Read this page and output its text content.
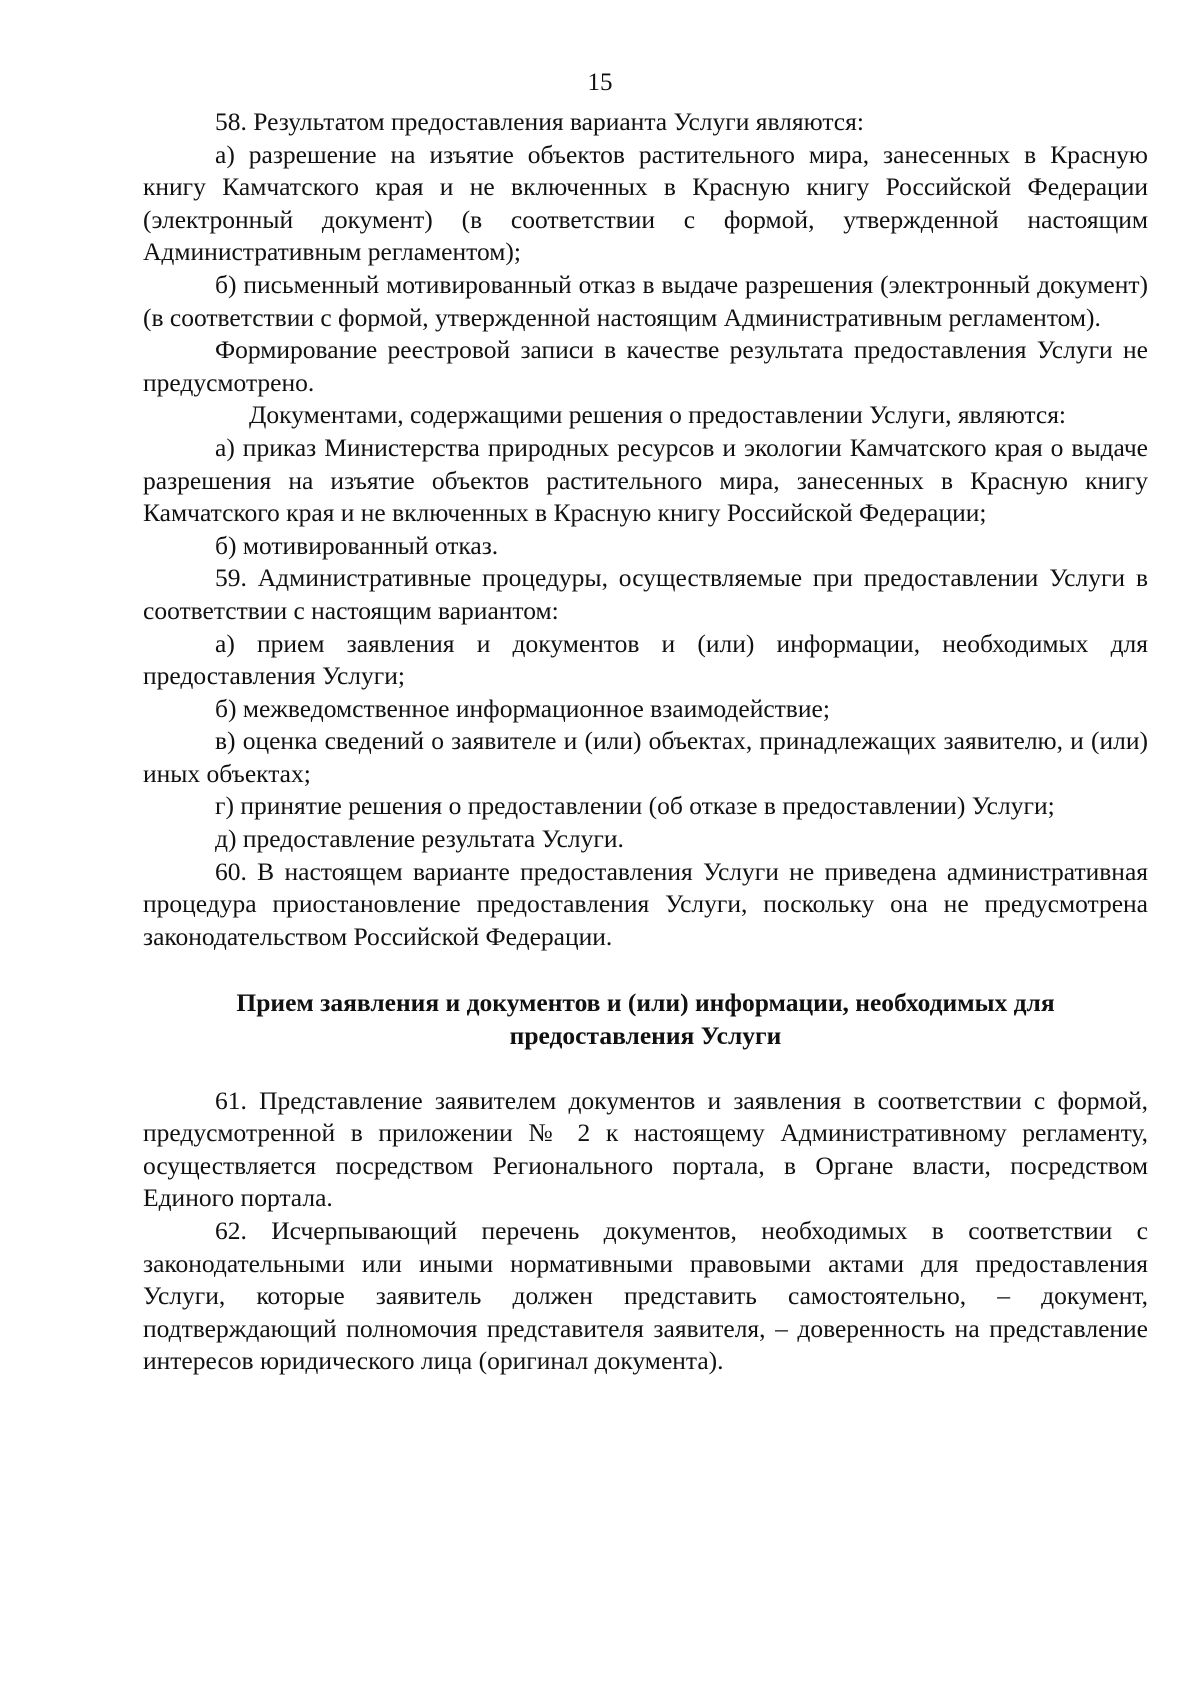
15

58. Результатом предоставления варианта Услуги являются:

а) разрешение на изъятие объектов растительного мира, занесенных в Красную книгу Камчатского края и не включенных в Красную книгу Российской Федерации (электронный документ) (в соответствии с формой, утвержденной настоящим Административным регламентом);

б) письменный мотивированный отказ в выдаче разрешения (электронный документ) (в соответствии с формой, утвержденной настоящим Административным регламентом).

Формирование реестровой записи в качестве результата предоставления Услуги не предусмотрено.

Документами, содержащими решения о предоставлении Услуги, являются:

а) приказ Министерства природных ресурсов и экологии Камчатского края о выдаче разрешения на изъятие объектов растительного мира, занесенных в Красную книгу Камчатского края и не включенных в Красную книгу Российской Федерации;

б) мотивированный отказ.

59. Административные процедуры, осуществляемые при предоставлении Услуги в соответствии с настоящим вариантом:

а) прием заявления и документов и (или) информации, необходимых для предоставления Услуги;

б) межведомственное информационное взаимодействие;

в) оценка сведений о заявителе и (или) объектах, принадлежащих заявителю, и (или) иных объектах;

г) принятие решения о предоставлении (об отказе в предоставлении) Услуги;

д) предоставление результата Услуги.

60. В настоящем варианте предоставления Услуги не приведена административная процедура приостановление предоставления Услуги, поскольку она не предусмотрена законодательством Российской Федерации.

Прием заявления и документов и (или) информации, необходимых для
предоставления Услуги

61. Представление заявителем документов и заявления в соответствии с формой, предусмотренной в приложении № 2 к настоящему Административному регламенту, осуществляется посредством Регионального портала, в Органе власти, посредством Единого портала.

62. Исчерпывающий перечень документов, необходимых в соответствии с законодательными или иными нормативными правовыми актами для предоставления Услуги, которые заявитель должен представить самостоятельно, – документ, подтверждающий полномочия представителя заявителя, – доверенность на представление интересов юридического лица (оригинал документа).
